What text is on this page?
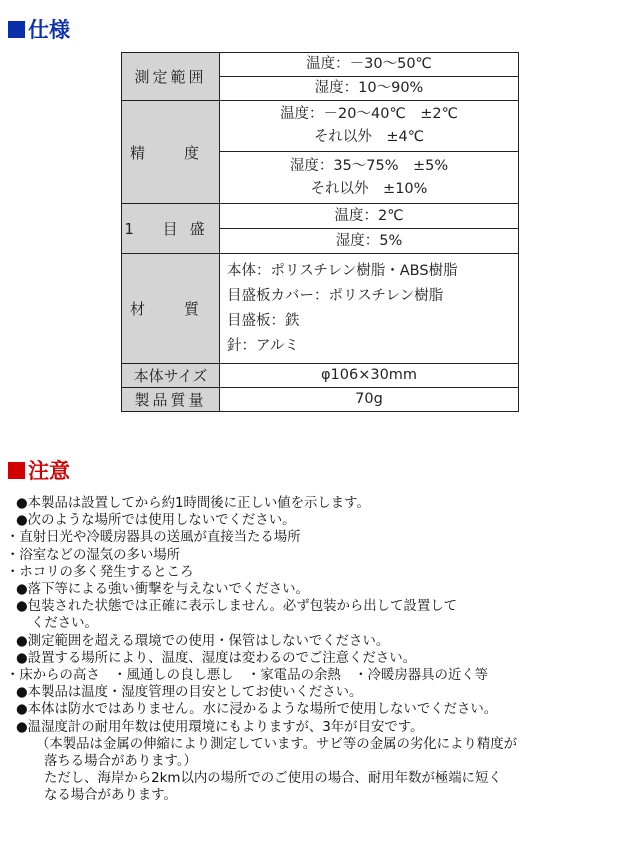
仕様
測定範囲	温度：－30～50℃
	湿度：10～90%
精　度	温度：－20～40℃　±2℃
それ以外　±4℃

	湿度：35～75%　±5%
それ以外　±10%

1 目盛	温度：2℃
	湿度：5%
材　質	本体：ポリスチレン樹脂・ABS樹脂
目盛板カバー：ポリスチレン樹脂
目盛板：鉄
針：アルミ

本体サイズ	φ106×30mm
製品質量	70g
注意
●本製品は設置してから約1時間後に正しい値を示します。
●次のような場所では使用しないでください。
・直射日光や冷暖房器具の送風が直接当たる場所
・浴室などの湿気の多い場所
・ホコリの多く発生するところ
●落下等による強い衝撃を与えないでください。
●包装された状態では正確に表示しません。必ず包装から出して設置して
ください。
●測定範囲を超える環境での使用・保管はしないでください。
●設置する場所により、温度、湿度は変わるのでご注意ください。
・床からの高さ　・風通しの良し悪し　・家電品の余熱　・冷暖房器具の近く等
●本製品は温度・湿度管理の目安としてお使いください。
●本体は防水ではありません。水に浸かるような場所で使用しないでください。
●温湿度計の耐用年数は使用環境にもよりますが、3年が目安です。
（本製品は金属の伸縮により測定しています。サビ等の金属の劣化により精度が
落ちる場合があります。）
ただし、海岸から2km以内の場所でのご使用の場合、耐用年数が極端に短く
なる場合があります。
